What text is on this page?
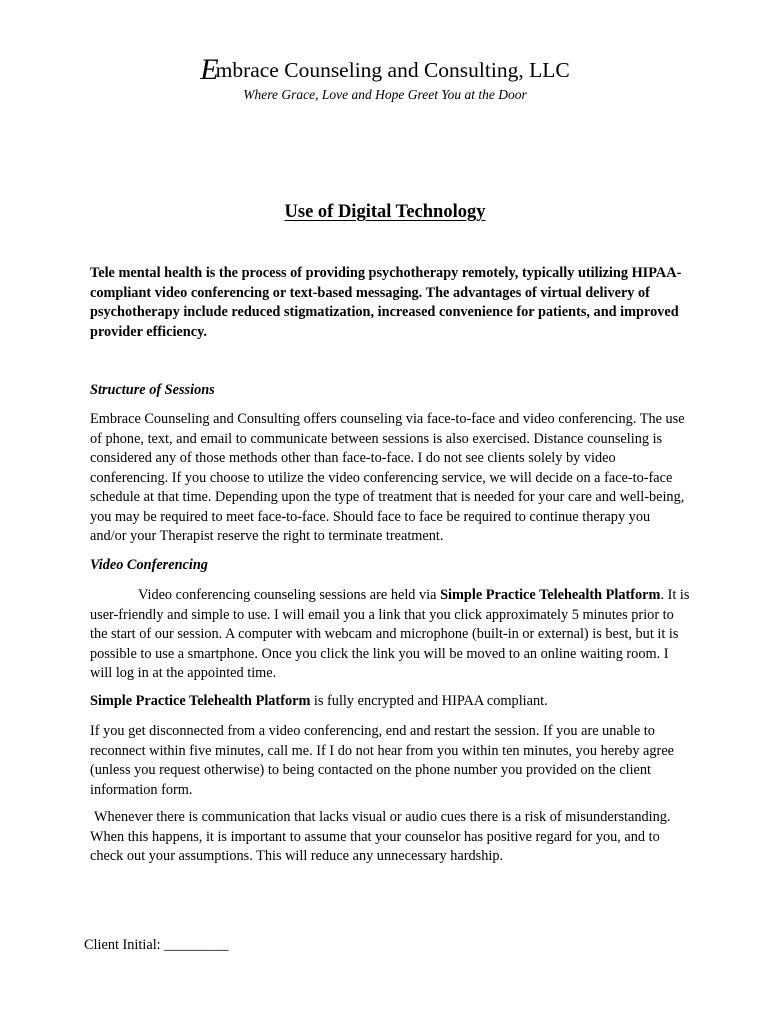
Embrace Counseling and Consulting, LLC
Where Grace, Love and Hope Greet You at the Door
Use of Digital Technology

Tele mental health is the process of providing psychotherapy remotely, typically utilizing HIPAA-compliant video conferencing or text-based messaging. The advantages of virtual delivery of psychotherapy include reduced stigmatization, increased convenience for patients, and improved provider efficiency.

Structure of Sessions

Embrace Counseling and Consulting offers counseling via face-to-face and video conferencing. The use of phone, text, and email to communicate between sessions is also exercised. Distance counseling is considered any of those methods other than face-to-face. I do not see clients solely by video conferencing. If you choose to utilize the video conferencing service, we will decide on a face-to-face schedule at that time. Depending upon the type of treatment that is needed for your care and well-being, you may be required to meet face-to-face. Should face to face be required to continue therapy you and/or your Therapist reserve the right to terminate treatment.

Video Conferencing

Video conferencing counseling sessions are held via Simple Practice Telehealth Platform. It is user-friendly and simple to use. I will email you a link that you click approximately 5 minutes prior to the start of our session. A computer with webcam and microphone (built-in or external) is best, but it is possible to use a smartphone. Once you click the link you will be moved to an online waiting room. I will log in at the appointed time.

Simple Practice Telehealth Platform is fully encrypted and HIPAA compliant.

If you get disconnected from a video conferencing, end and restart the session. If you are unable to reconnect within five minutes, call me. If I do not hear from you within ten minutes, you hereby agree (unless you request otherwise) to being contacted on the phone number you provided on the client information form.

Whenever there is communication that lacks visual or audio cues there is a risk of misunderstanding. When this happens, it is important to assume that your counselor has positive regard for you, and to check out your assumptions. This will reduce any unnecessary hardship.

Client Initial: _________
